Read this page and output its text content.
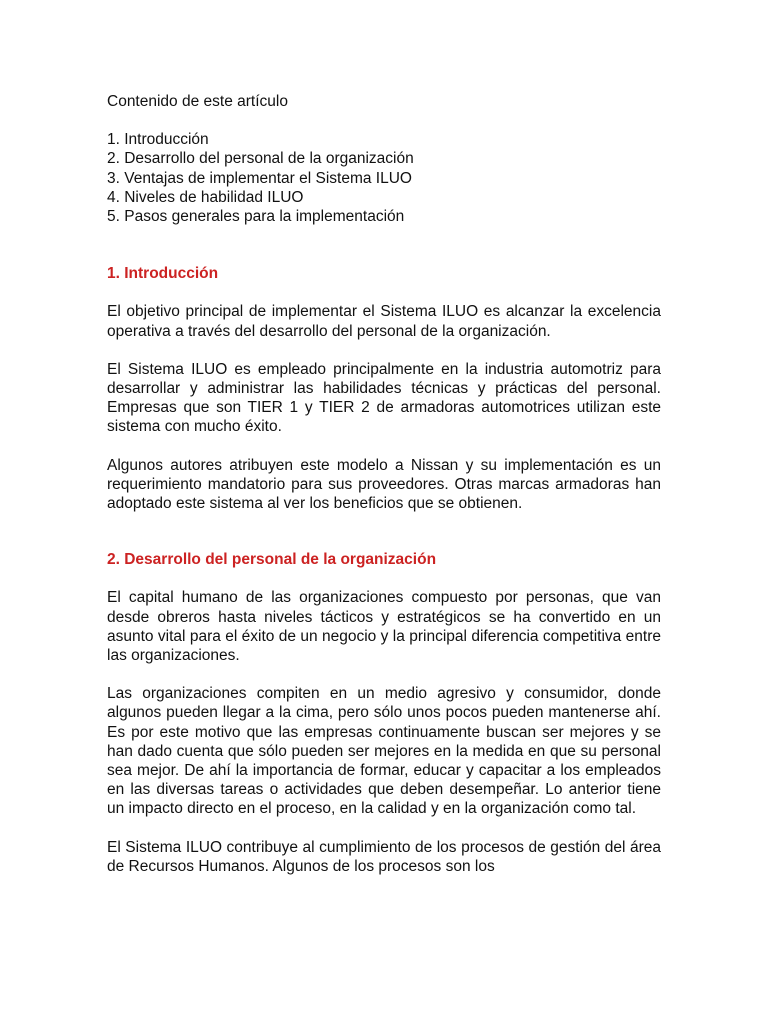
Contenido de este artículo

1. Introducción
2. Desarrollo del personal de la organización
3. Ventajas de implementar el Sistema ILUO
4. Niveles de habilidad ILUO
5. Pasos generales para la implementación
1. Introducción

El objetivo principal de implementar el Sistema ILUO es alcanzar la excelencia operativa a través del desarrollo del personal de la organización.

El Sistema ILUO es empleado principalmente en la industria automotriz para desarrollar y administrar las habilidades técnicas y prácticas del personal. Empresas que son TIER 1 y TIER 2 de armadoras automotrices utilizan este sistema con mucho éxito.

Algunos autores atribuyen este modelo a Nissan y su implementación es un requerimiento mandatorio para sus proveedores. Otras marcas armadoras han adoptado este sistema al ver los beneficios que se obtienen.

2. Desarrollo del personal de la organización

El capital humano de las organizaciones compuesto por personas, que van desde obreros hasta niveles tácticos y estratégicos se ha convertido en un asunto vital para el éxito de un negocio y la principal diferencia competitiva entre las organizaciones.

Las organizaciones compiten en un medio agresivo y consumidor, donde algunos pueden llegar a la cima, pero sólo unos pocos pueden mantenerse ahí. Es por este motivo que las empresas continuamente buscan ser mejores y se han dado cuenta que sólo pueden ser mejores en la medida en que su personal sea mejor. De ahí la importancia de formar, educar y capacitar a los empleados en las diversas tareas o actividades que deben desempeñar. Lo anterior tiene un impacto directo en el proceso, en la calidad y en la organización como tal.

El Sistema ILUO contribuye al cumplimiento de los procesos de gestión del área de Recursos Humanos. Algunos de los procesos son los
